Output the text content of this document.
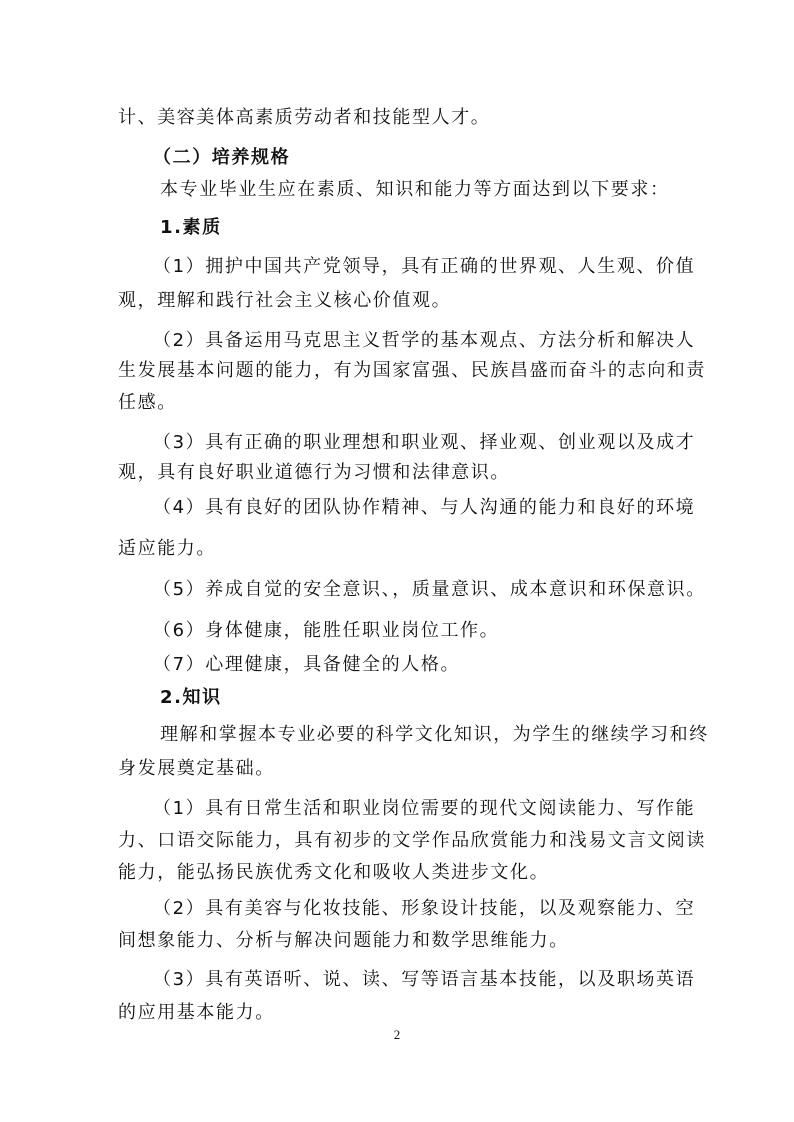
计、美容美体高素质劳动者和技能型人才。
（二）培养规格
本专业毕业生应在素质、知识和能力等方面达到以下要求：
1.素质
（1）拥护中国共产党领导，具有正确的世界观、人生观、价值
观，理解和践行社会主义核心价值观。
（2）具备运用马克思主义哲学的基本观点、方法分析和解决人
生发展基本问题的能力，有为国家富强、民族昌盛而奋斗的志向和责
任感。
（3）具有正确的职业理想和职业观、择业观、创业观以及成才
观，具有良好职业道德行为习惯和法律意识。
（4）具有良好的团队协作精神、与人沟通的能力和良好的环境
适应能力。
（5）养成自觉的安全意识、，质量意识、成本意识和环保意识。
（6）身体健康，能胜任职业岗位工作。
（7）心理健康，具备健全的人格。
2.知识
理解和掌握本专业必要的科学文化知识，为学生的继续学习和终
身发展奠定基础。
（1）具有日常生活和职业岗位需要的现代文阅读能力、写作能
力、口语交际能力，具有初步的文学作品欣赏能力和浅易文言文阅读
能力，能弘扬民族优秀文化和吸收人类进步文化。
（2）具有美容与化妆技能、形象设计技能，以及观察能力、空
间想象能力、分析与解决问题能力和数学思维能力。
（3）具有英语听、说、读、写等语言基本技能，以及职场英语
的应用基本能力。
2
